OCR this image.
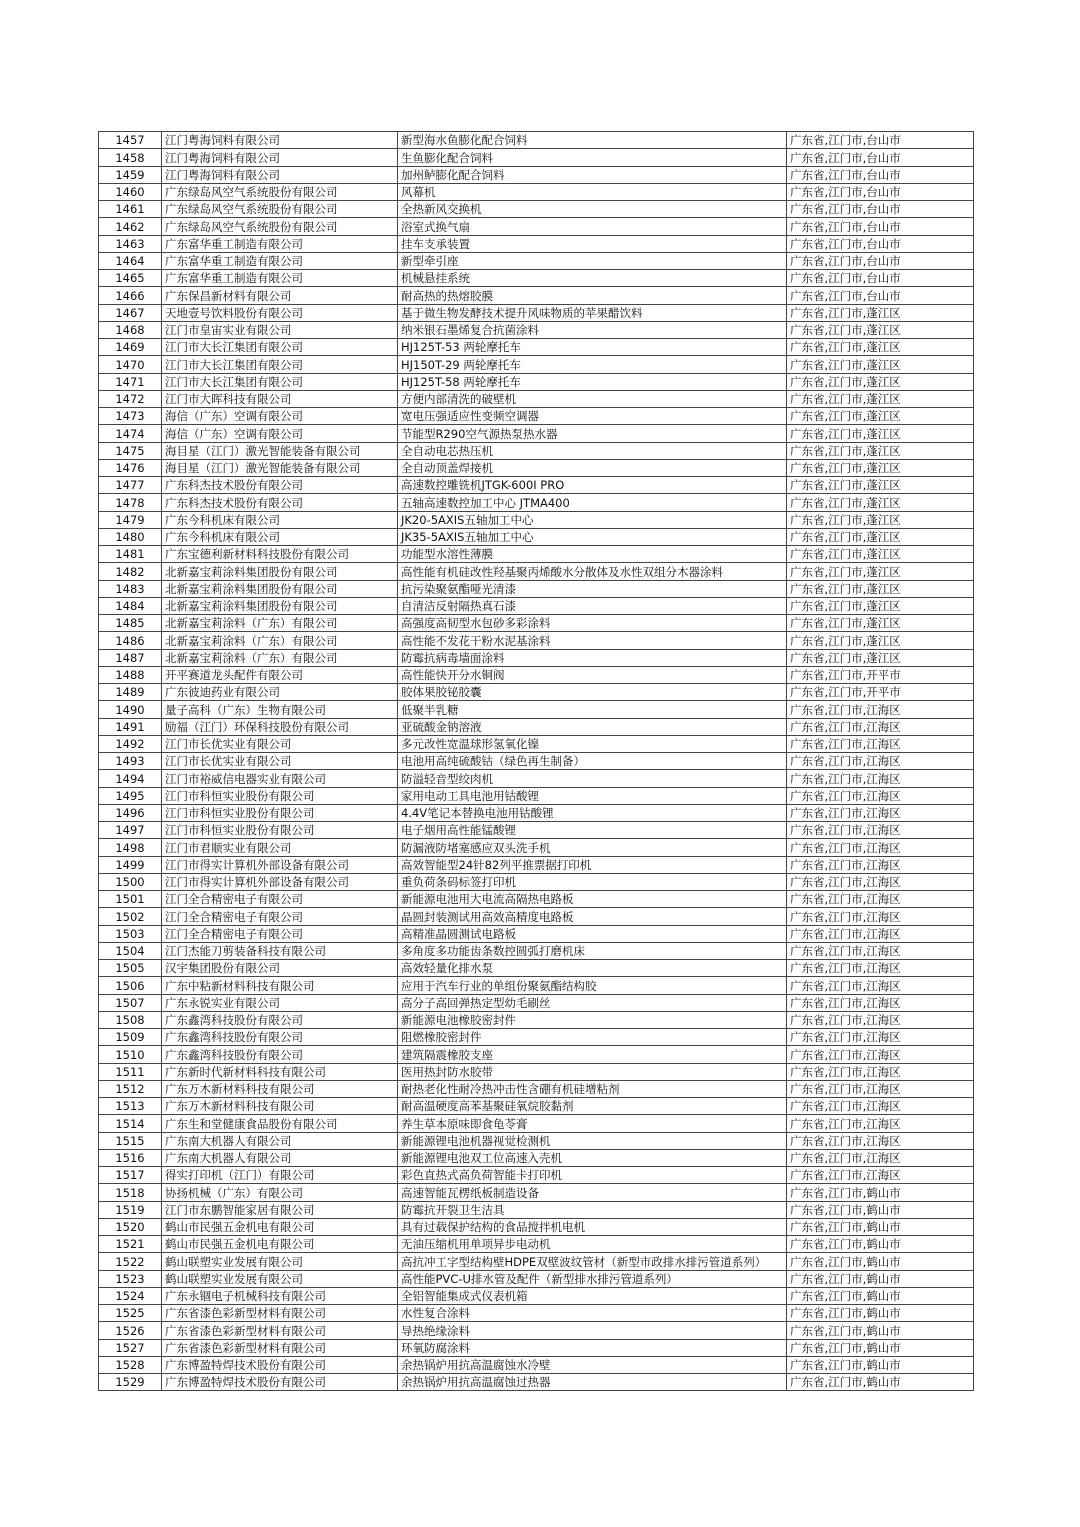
1457	江门粤海饲料有限公司	新型海水鱼膨化配合饲料	广东省,江门市,台山市
1458	江门粤海饲料有限公司	生鱼膨化配合饲料	广东省,江门市,台山市
1459	江门粤海饲料有限公司	加州鲈膨化配合饲料	广东省,江门市,台山市
1460	广东绿岛风空气系统股份有限公司	风幕机	广东省,江门市,台山市
1461	广东绿岛风空气系统股份有限公司	全热新风交换机	广东省,江门市,台山市
1462	广东绿岛风空气系统股份有限公司	浴室式换气扇	广东省,江门市,台山市
1463	广东富华重工制造有限公司	挂车支承装置	广东省,江门市,台山市
1464	广东富华重工制造有限公司	新型牵引座	广东省,江门市,台山市
1465	广东富华重工制造有限公司	机械悬挂系统	广东省,江门市,台山市
1466	广东保昌新材料有限公司	耐高热的热熔胶膜	广东省,江门市,台山市
1467	天地壹号饮料股份有限公司	基于微生物发酵技术提升风味物质的苹果醋饮料	广东省,江门市,蓬江区
1468	江门市皇宙实业有限公司	纳米银石墨烯复合抗菌涂料	广东省,江门市,蓬江区
1469	江门市大长江集团有限公司	HJ125T-53 两轮摩托车	广东省,江门市,蓬江区
1470	江门市大长江集团有限公司	HJ150T-29 两轮摩托车	广东省,江门市,蓬江区
1471	江门市大长江集团有限公司	HJ125T-58 两轮摩托车	广东省,江门市,蓬江区
1472	江门市大晖科技有限公司	方便内部清洗的破壁机	广东省,江门市,蓬江区
1473	海信（广东）空调有限公司	宽电压强适应性变频空调器	广东省,江门市,蓬江区
1474	海信（广东）空调有限公司	节能型R290空气源热泵热水器	广东省,江门市,蓬江区
1475	海目星（江门）激光智能装备有限公司	全自动电芯热压机	广东省,江门市,蓬江区
1476	海目星（江门）激光智能装备有限公司	全自动顶盖焊接机	广东省,江门市,蓬江区
1477	广东科杰技术股份有限公司	高速数控雕铣机JTGK-600I PRO	广东省,江门市,蓬江区
1478	广东科杰技术股份有限公司	五轴高速数控加工中心 JTMA400	广东省,江门市,蓬江区
1479	广东今科机床有限公司	JK20-5AXIS五轴加工中心	广东省,江门市,蓬江区
1480	广东今科机床有限公司	JK35-5AXIS五轴加工中心	广东省,江门市,蓬江区
1481	广东宝德利新材料科技股份有限公司	功能型水溶性薄膜	广东省,江门市,蓬江区
1482	北新嘉宝莉涂料集团股份有限公司	高性能有机硅改性羟基聚丙烯酸水分散体及水性双组分木器涂料	广东省,江门市,蓬江区
1483	北新嘉宝莉涂料集团股份有限公司	抗污染聚氨酯哑光清漆	广东省,江门市,蓬江区
1484	北新嘉宝莉涂料集团股份有限公司	自清洁反射隔热真石漆	广东省,江门市,蓬江区
1485	北新嘉宝莉涂料（广东）有限公司	高强度高韧型水包砂多彩涂料	广东省,江门市,蓬江区
1486	北新嘉宝莉涂料（广东）有限公司	高性能不发花干粉水泥基涂料	广东省,江门市,蓬江区
1487	北新嘉宝莉涂料（广东）有限公司	防霉抗病毒墙面涂料	广东省,江门市,蓬江区
1488	开平赛道龙头配件有限公司	高性能快开分水铜阀	广东省,江门市,开平市
1489	广东彼迪药业有限公司	胶体果胶铋胶囊	广东省,江门市,开平市
1490	量子高科（广东）生物有限公司	低聚半乳糖	广东省,江门市,江海区
1491	励福（江门）环保科技股份有限公司	亚硫酸金钠溶液	广东省,江门市,江海区
1492	江门市长优实业有限公司	多元改性宽温球形氢氧化镍	广东省,江门市,江海区
1493	江门市长优实业有限公司	电池用高纯硫酸钴（绿色再生制备）	广东省,江门市,江海区
1494	江门市裕威信电器实业有限公司	防溢轻音型绞肉机	广东省,江门市,江海区
1495	江门市科恒实业股份有限公司	家用电动工具电池用钴酸锂	广东省,江门市,江海区
1496	江门市科恒实业股份有限公司	4.4V笔记本替换电池用钴酸锂	广东省,江门市,江海区
1497	江门市科恒实业股份有限公司	电子烟用高性能锰酸锂	广东省,江门市,江海区
1498	江门市君顺实业有限公司	防漏液防堵塞感应双头洗手机	广东省,江门市,江海区
1499	江门市得实计算机外部设备有限公司	高效智能型24针82列平推票据打印机	广东省,江门市,江海区
1500	江门市得实计算机外部设备有限公司	重负荷条码标签打印机	广东省,江门市,江海区
1501	江门全合精密电子有限公司	新能源电池用大电流高隔热电路板	广东省,江门市,江海区
1502	江门全合精密电子有限公司	晶圆封装测试用高效高精度电路板	广东省,江门市,江海区
1503	江门全合精密电子有限公司	高精准晶圆测试电路板	广东省,江门市,江海区
1504	江门杰能刀剪装备科技有限公司	多角度多功能齿条数控圆弧打磨机床	广东省,江门市,江海区
1505	汉宇集团股份有限公司	高效轻量化排水泵	广东省,江门市,江海区
1506	广东中粘新材料科技有限公司	应用于汽车行业的单组份聚氨酯结构胶	广东省,江门市,江海区
1507	广东永锐实业有限公司	高分子高回弹热定型幼毛刷丝	广东省,江门市,江海区
1508	广东鑫湾科技股份有限公司	新能源电池橡胶密封件	广东省,江门市,江海区
1509	广东鑫湾科技股份有限公司	阻燃橡胶密封件	广东省,江门市,江海区
1510	广东鑫湾科技股份有限公司	建筑隔震橡胶支座	广东省,江门市,江海区
1511	广东新时代新材料科技有限公司	医用热封防水胶带	广东省,江门市,江海区
1512	广东万木新材料科技有限公司	耐热老化性耐冷热冲击性含硼有机硅增粘剂	广东省,江门市,江海区
1513	广东万木新材料科技有限公司	耐高温硬度高苯基聚硅氧烷胶黏剂	广东省,江门市,江海区
1514	广东生和堂健康食品股份有限公司	养生草本原味即食龟苓膏	广东省,江门市,江海区
1515	广东南大机器人有限公司	新能源锂电池机器视觉检测机	广东省,江门市,江海区
1516	广东南大机器人有限公司	新能源锂电池双工位高速入壳机	广东省,江门市,江海区
1517	得实打印机（江门）有限公司	彩色直热式高负荷智能卡打印机	广东省,江门市,江海区
1518	协扬机械（广东）有限公司	高速智能瓦楞纸板制造设备	广东省,江门市,鹤山市
1519	江门市东鹏智能家居有限公司	防霉抗开裂卫生洁具	广东省,江门市,鹤山市
1520	鹤山市民强五金机电有限公司	具有过载保护结构的食品搅拌机电机	广东省,江门市,鹤山市
1521	鹤山市民强五金机电有限公司	无油压缩机用单项异步电动机	广东省,江门市,鹤山市
1522	鹤山联塑实业发展有限公司	高抗冲工字型结构壁HDPE双壁波纹管材（新型市政排水排污管道系列）	广东省,江门市,鹤山市
1523	鹤山联塑实业发展有限公司	高性能PVC-U排水管及配件（新型排水排污管道系列）	广东省,江门市,鹤山市
1524	广东永锢电子机械科技有限公司	全铝智能集成式仪表机箱	广东省,江门市,鹤山市
1525	广东省漆色彩新型材料有限公司	水性复合涂料	广东省,江门市,鹤山市
1526	广东省漆色彩新型材料有限公司	导热绝缘涂料	广东省,江门市,鹤山市
1527	广东省漆色彩新型材料有限公司	环氧防腐涂料	广东省,江门市,鹤山市
1528	广东博盈特焊技术股份有限公司	余热锅炉用抗高温腐蚀水冷壁	广东省,江门市,鹤山市
1529	广东博盈特焊技术股份有限公司	余热锅炉用抗高温腐蚀过热器	广东省,江门市,鹤山市
